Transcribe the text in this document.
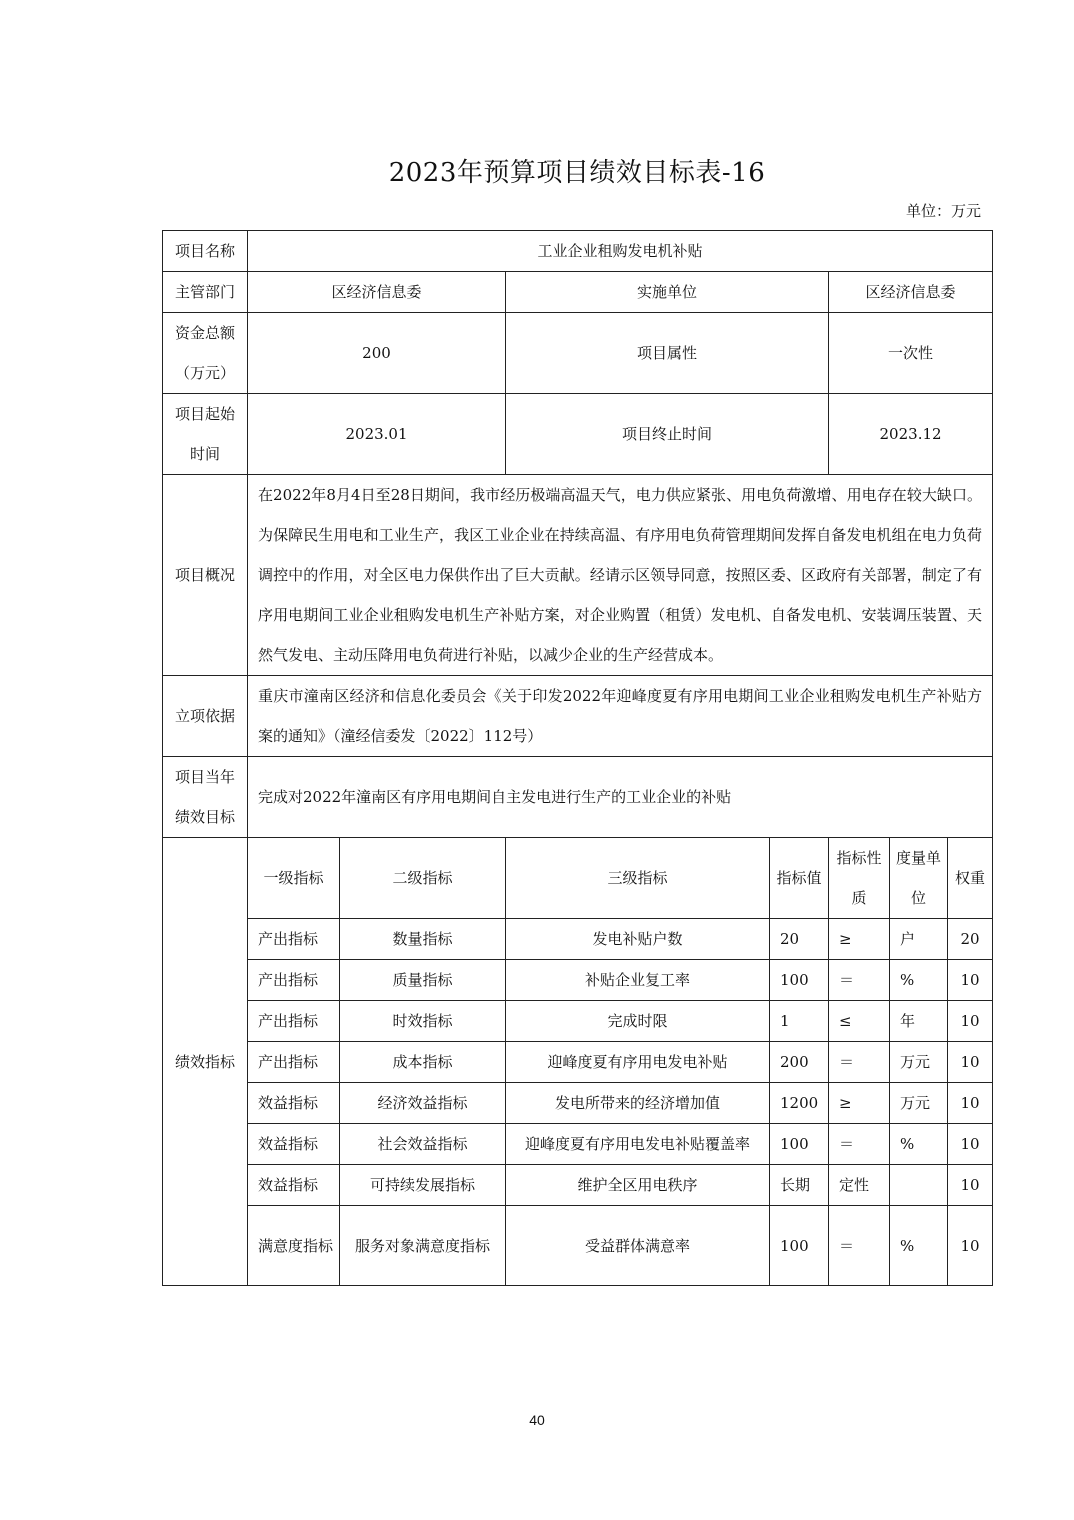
2023年预算项目绩效目标表-16
单位：万元
项目名称	工业企业租购发电机补贴						
主管部门	区经济信息委		实施单位		区经济信息委		
资金总额（万元）	200		项目属性		一次性		
项目起始时间	2023.01		项目终止时间		2023.12		
项目概况	在2022年8月4日至28日期间，我市经历极端高温天气，电力供应紧张、用电负荷激增、用电存在较大缺口。为保障民生用电和工业生产，我区工业企业在持续高温、有序用电负荷管理期间发挥自备发电机组在电力负荷调控中的作用，对全区电力保供作出了巨大贡献。经请示区领导同意，按照区委、区政府有关部署，制定了有序用电期间工业企业租购发电机生产补贴方案，对企业购置（租赁）发电机、自备发电机、安装调压装置、天然气发电、主动压降用电负荷进行补贴，以减少企业的生产经营成本。						
立项依据	重庆市潼南区经济和信息化委员会《关于印发2022年迎峰度夏有序用电期间工业企业租购发电机生产补贴方案的通知》（潼经信委发〔2022〕112号）						
项目当年绩效目标	完成对2022年潼南区有序用电期间自主发电进行生产的工业企业的补贴						
绩效指标	一级指标	二级指标	三级指标	指标值	指标性质	度量单位	权重
	产出指标	数量指标	发电补贴户数	20	≥	户	20
	产出指标	质量指标	补贴企业复工率	100	＝	%	10
	产出指标	时效指标	完成时限	1	≤	年	10
	产出指标	成本指标	迎峰度夏有序用电发电补贴	200	＝	万元	10
	效益指标	经济效益指标	发电所带来的经济增加值	1200	≥	万元	10
	效益指标	社会效益指标	迎峰度夏有序用电发电补贴覆盖率	100	＝	%	10
	效益指标	可持续发展指标	维护全区用电秩序	长期	定性		10
	满意度指标	服务对象满意度指标	受益群体满意率	100	＝	%	10
40
